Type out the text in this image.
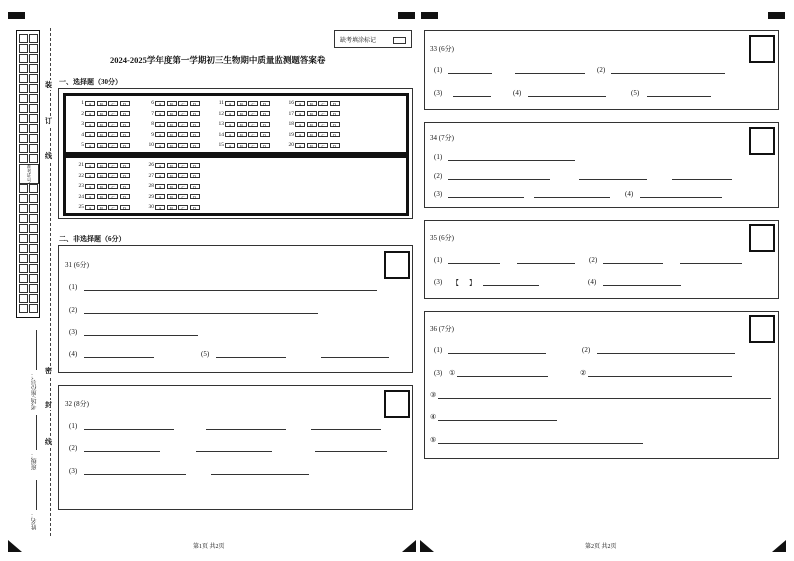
准
考
证
号
装
订
线
密
封
线
考场/座位号：
班级：
姓名：
缺考填涂标记
2024-2025学年度第一学期初三生物期中质量监测题答案卷
一、选择题（30分）
1 A	B	C	D	6 A	B	C	D	11 A	B	C	D	16 A	B	C	D
2 A	B	C	D	7 A	B	C	D	12 A	B	C	D	17 A	B	C	D
3 A	B	C	D	8 A	B	C	D	13 A	B	C	D	18 A	B	C	D
4 A	B	C	D	9 A	B	C	D	14 A	B	C	D	19 A	B	C	D
5 A	B	C	D	10 A	B	C	D	15 A	B	C	D	20 A	B	C	D
21 A	B	C	D	26 A	B	C	D
22 A	B	C	D	27 A	B	C	D
23 A	B	C	D	28 A	B	C	D
24 A	B	C	D	29 A	B	C	D
25 A	B	C	D	30 A	B	C	D
二、非选择题（6分）
31 (6分)
(1)
(2)
(3)
(4)	(5)
32 (8分)
(1)
(2)
(3)
33 (6分)
(1)	(2)
(3)	(4)	(5)
34 (7分)
(1)
(2)
(3)	(4)
35 (6分)
(1)	(2)
(3) 【 】	(4)
36 (7分)
(1)	(2)
(3) ①	②
③
④
⑤
第1页 共2页	第2页 共2页
